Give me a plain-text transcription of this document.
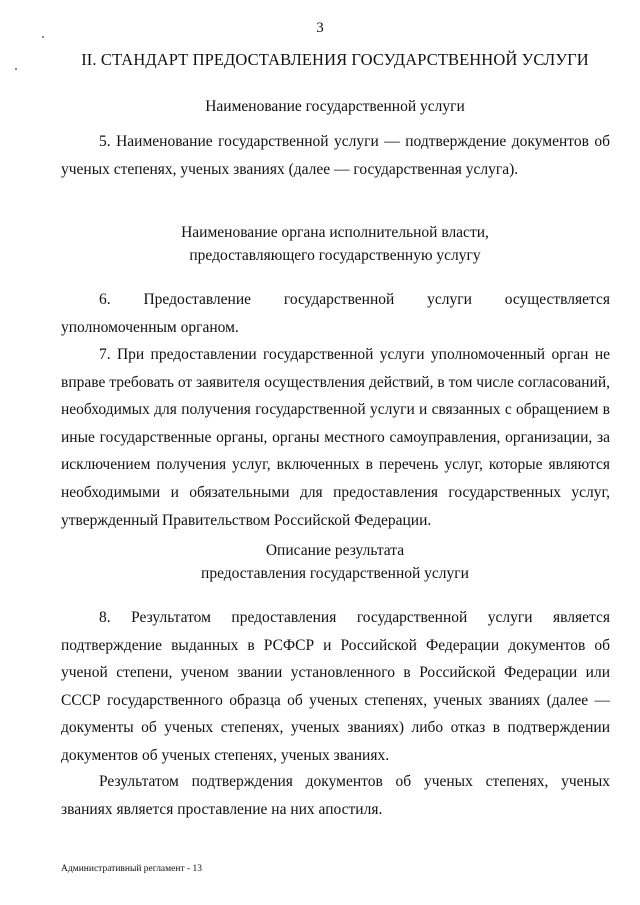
3

II. СТАНДАРТ ПРЕДОСТАВЛЕНИЯ ГОСУДАРСТВЕННОЙ УСЛУГИ

Наименование государственной услуги

5. Наименование государственной услуги — подтверждение документов об ученых степенях, ученых званиях (далее — государственная услуга).

Наименование органа исполнительной власти,
предоставляющего государственную услугу

6. Предоставление государственной услуги осуществляется уполномоченным органом.

7. При предоставлении государственной услуги уполномоченный орган не вправе требовать от заявителя осуществления действий, в том числе согласований, необходимых для получения государственной услуги и связанных с обращением в иные государственные органы, органы местного самоуправления, организации, за исключением получения услуг, включенных в перечень услуг, которые являются необходимыми и обязательными для предоставления государственных услуг, утвержденный Правительством Российской Федерации.

Описание результата
предоставления государственной услуги

8. Результатом предоставления государственной услуги является подтверждение выданных в РСФСР и Российской Федерации документов об ученой степени, ученом звании установленного в Российской Федерации или СССР государственного образца об ученых степенях, ученых званиях (далее — документы об ученых степенях, ученых званиях) либо отказ в подтверждении документов об ученых степенях, ученых званиях.

Результатом подтверждения документов об ученых степенях, ученых званиях является проставление на них апостиля.

Административный регламент - 13
